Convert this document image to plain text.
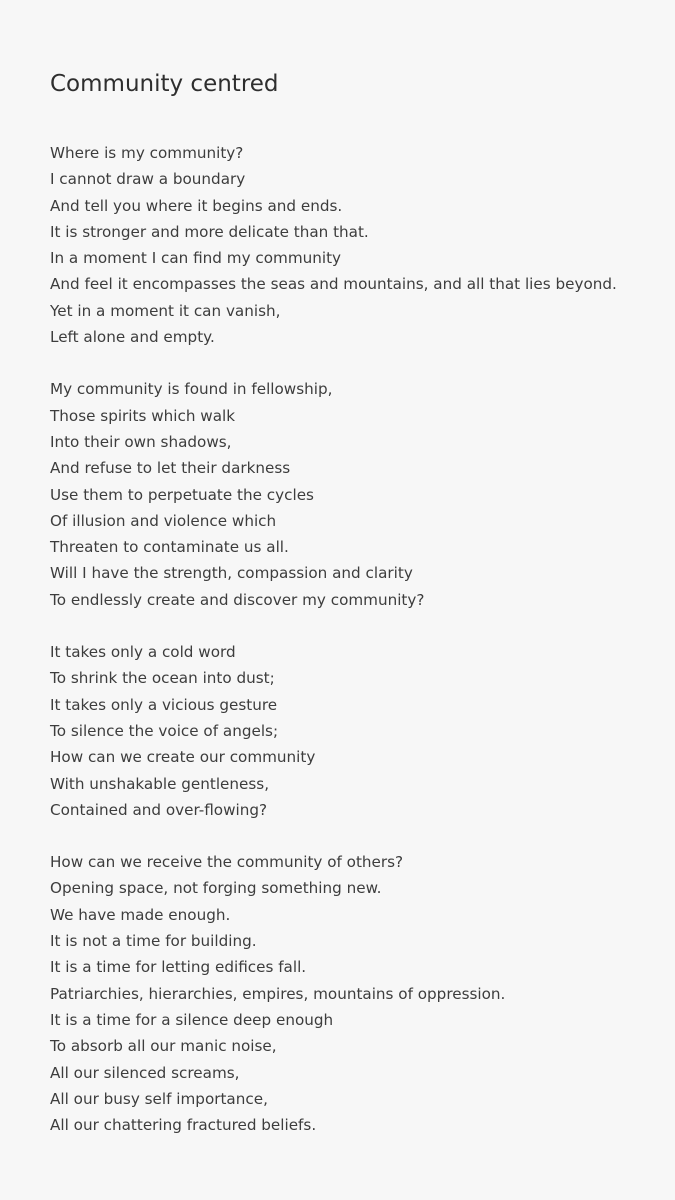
Community centred
Where is my community?
I cannot draw a boundary
And tell you where it begins and ends.
It is stronger and more delicate than that.
In a moment I can find my community
And feel it encompasses the seas and mountains, and all that lies beyond.
Yet in a moment it can vanish,
Left alone and empty.
My community is found in fellowship,
Those spirits which walk
Into their own shadows,
And refuse to let their darkness
Use them to perpetuate the cycles
Of illusion and violence which
Threaten to contaminate us all.
Will I have the strength, compassion and clarity
To endlessly create and discover my community?
It takes only a cold word
To shrink the ocean into dust;
It takes only a vicious gesture
To silence the voice of angels;
How can we create our community
With unshakable gentleness,
Contained and over-flowing?
How can we receive the community of others?
Opening space, not forging something new.
We have made enough.
It is not a time for building.
It is a time for letting edifices fall.
Patriarchies, hierarchies, empires, mountains of oppression.
It is a time for a silence deep enough
To absorb all our manic noise,
All our silenced screams,
All our busy self importance,
All our chattering fractured beliefs.
